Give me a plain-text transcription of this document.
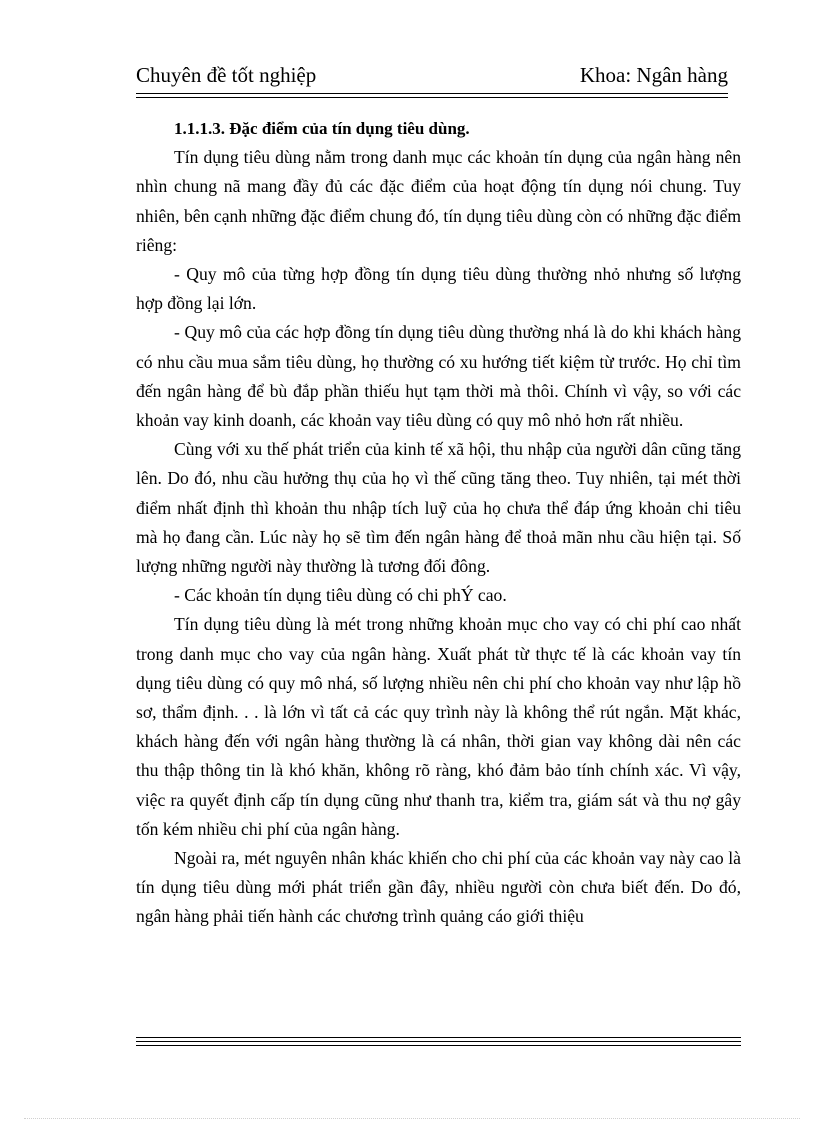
Chuyên đề tốt nghiệp	Khoa: Ngân hàng

1.1.1.3. Đặc điểm của tín dụng tiêu dùng.

Tín dụng tiêu dùng nằm trong danh mục các khoản tín dụng của ngân hàng nên nhìn chung nã mang đầy đủ các đặc điểm của hoạt động tín dụng nói chung. Tuy nhiên, bên cạnh những đặc điểm chung đó, tín dụng tiêu dùng còn có những đặc điểm riêng:

- Quy mô của từng hợp đồng tín dụng tiêu dùng thường nhỏ nhưng số lượng hợp đồng lại lớn.

- Quy mô của các hợp đồng tín dụng tiêu dùng thường nhá là do khi khách hàng có nhu cầu mua sắm tiêu dùng, họ thường có xu hướng tiết kiệm từ trước. Họ chỉ tìm đến ngân hàng để bù đắp phần thiếu hụt tạm thời mà thôi. Chính vì vậy, so với các khoản vay kinh doanh, các khoản vay tiêu dùng có quy mô nhỏ hơn rất nhiều.

Cùng với xu thế phát triển của kinh tế xã hội, thu nhập của người dân cũng tăng lên. Do đó, nhu cầu hưởng thụ của họ vì thế cũng tăng theo. Tuy nhiên, tại mét thời điểm nhất định thì khoản thu nhập tích luỹ của họ chưa thể đáp ứng khoản chi tiêu mà họ đang cần. Lúc này họ sẽ tìm đến ngân hàng để thoả mãn nhu cầu hiện tại. Số lượng những người này thường là tương đối đông.

- Các khoản tín dụng tiêu dùng có chi phÝ cao.

Tín dụng tiêu dùng là mét trong những khoản mục cho vay có chi phí cao nhất trong danh mục cho vay của ngân hàng. Xuất phát từ thực tế là các khoản vay tín dụng tiêu dùng có quy mô nhá, số lượng nhiều nên chi phí cho khoản vay như lập hồ sơ, thẩm định. . . là lớn vì tất cả các quy trình này là không thể rút ngắn. Mặt khác, khách hàng đến với ngân hàng thường là cá nhân, thời gian vay không dài nên các thu thập thông tin là khó khăn, không rõ ràng, khó đảm bảo tính chính xác. Vì vậy, việc ra quyết định cấp tín dụng cũng như thanh tra, kiểm tra, giám sát và thu nợ gây tốn kém nhiều chi phí của ngân hàng.

Ngoài ra, mét nguyên nhân khác khiến cho chi phí của các khoản vay này cao là tín dụng tiêu dùng mới phát triển gần đây, nhiều người còn chưa biết đến. Do đó, ngân hàng phải tiến hành các chương trình quảng cáo giới thiệu
